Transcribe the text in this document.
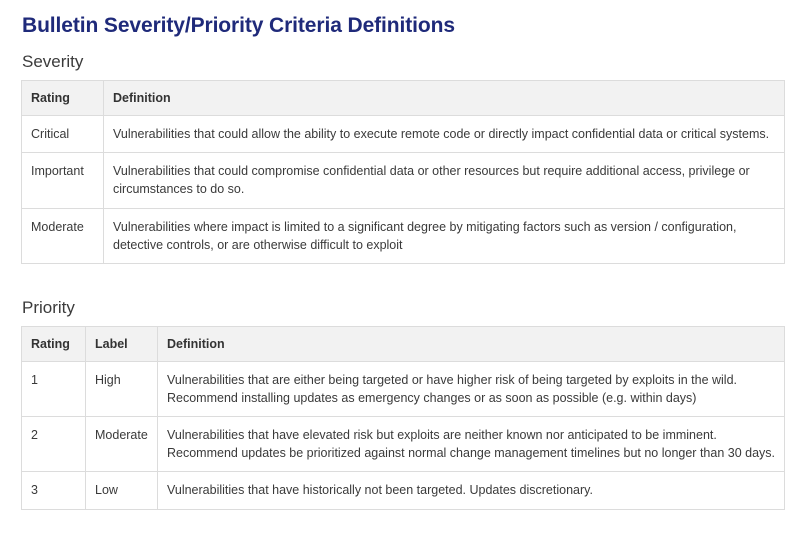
Bulletin Severity/Priority Criteria Definitions
Severity
Rating	Definition
Critical	Vulnerabilities that could allow the ability to execute remote code or directly impact confidential data or critical systems.
Important	Vulnerabilities that could compromise confidential data or other resources but require additional access, privilege or circumstances to do so.
Moderate	Vulnerabilities where impact is limited to a significant degree by mitigating factors such as version / configuration, detective controls, or are otherwise difficult to exploit
Priority
Rating	Label	Definition
1	High	Vulnerabilities that are either being targeted or have higher risk of being targeted by exploits in the wild. Recommend installing updates as emergency changes or as soon as possible (e.g. within days)
2	Moderate	Vulnerabilities that have elevated risk but exploits are neither known nor anticipated to be imminent. Recommend updates be prioritized against normal change management timelines but no longer than 30 days.
3	Low	Vulnerabilities that have historically not been targeted. Updates discretionary.
